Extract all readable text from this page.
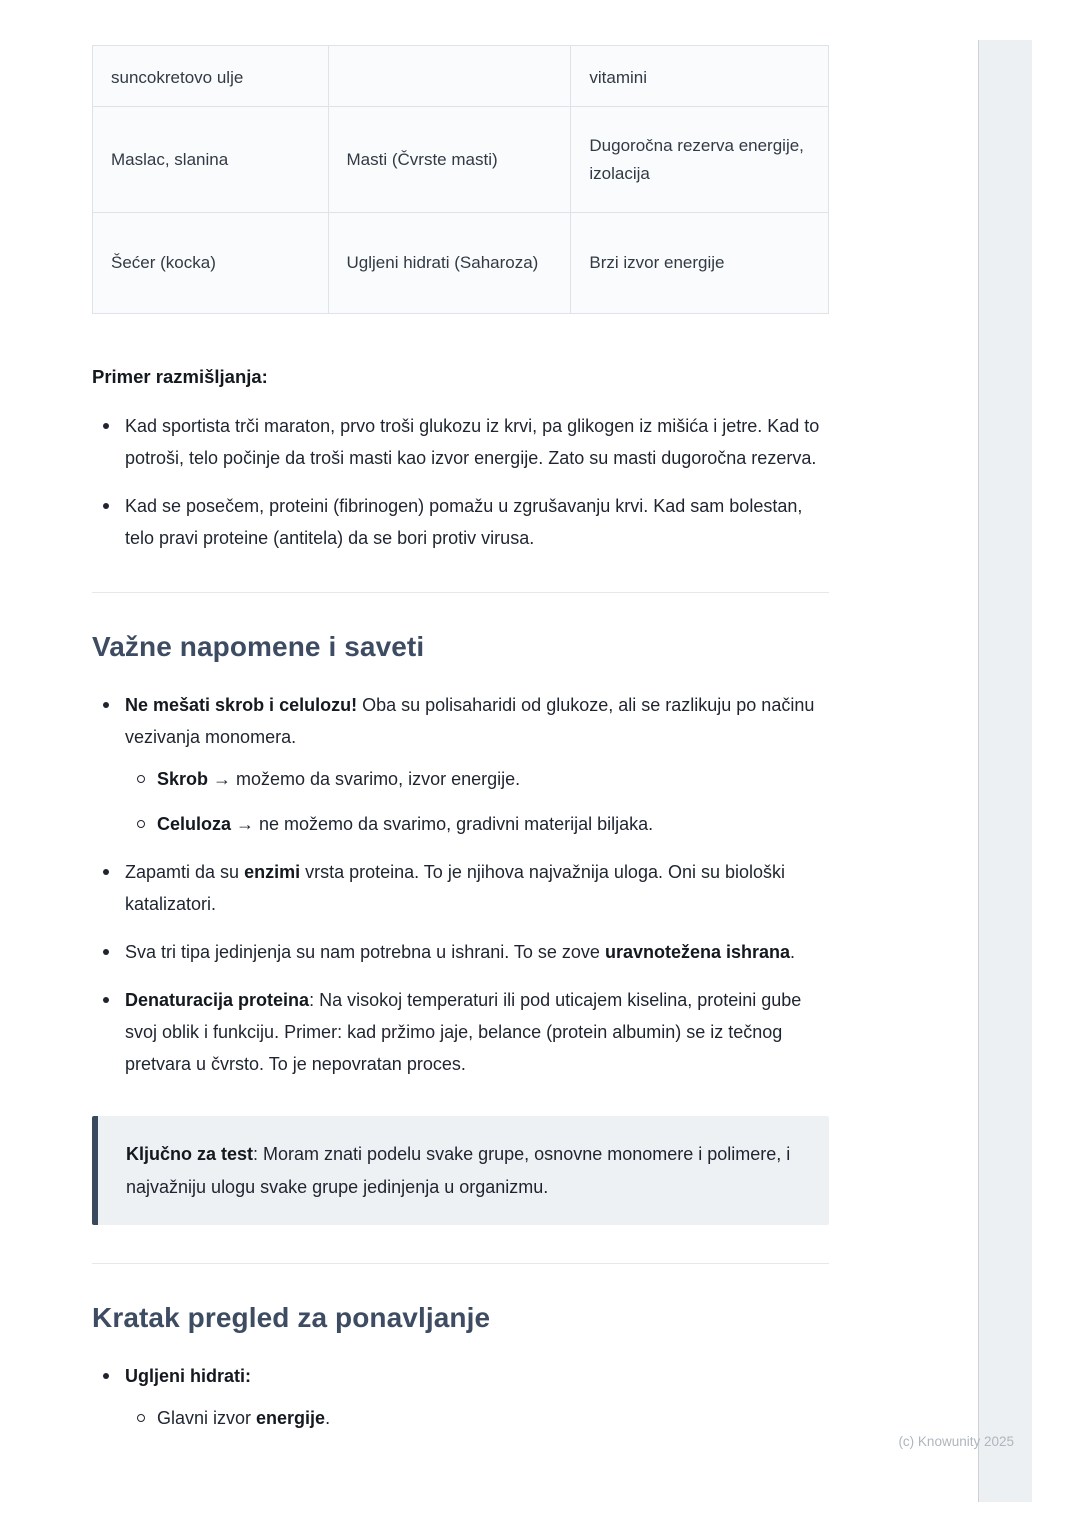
suncokretovo ulje		vitamini
Maslac, slanina	Masti (Čvrste masti)	Dugoročna rezerva energije, izolacija
Šećer (kocka)	Ugljeni hidrati (Saharoza)	Brzi izvor energije

Primer razmišljanja:

Kad sportista trči maraton, prvo troši glukozu iz krvi, pa glikogen iz mišića i jetre. Kad to potroši, telo počinje da troši masti kao izvor energije. Zato su masti dugoročna rezerva.
Kad se posečem, proteini (fibrinogen) pomažu u zgrušavanju krvi. Kad sam bolestan, telo pravi proteine (antitela) da se bori protiv virusa.
Važne napomene i saveti
Ne mešati skrob i celulozu! Oba su polisaharidi od glukoze, ali se razlikuju po načinu vezivanja monomera.
Skrob → možemo da svarimo, izvor energije.
Celuloza → ne možemo da svarimo, gradivni materijal biljaka.
Zapamti da su enzimi vrsta proteina. To je njihova najvažnija uloga. Oni su biološki katalizatori.
Sva tri tipa jedinjenja su nam potrebna u ishrani. To se zove uravnotežena ishrana.
Denaturacija proteina: Na visokoj temperaturi ili pod uticajem kiselina, proteini gube svoj oblik i funkciju. Primer: kad pržimo jaje, belance (protein albumin) se iz tečnog pretvara u čvrsto. To je nepovratan proces.

Ključno za test: Moram znati podelu svake grupe, osnovne monomere i polimere, i najvažniju ulogu svake grupe jedinjenja u organizmu.

Kratak pregled za ponavljanje
Ugljeni hidrati:
Glavni izvor energije.
(c) Knowunity 2025
